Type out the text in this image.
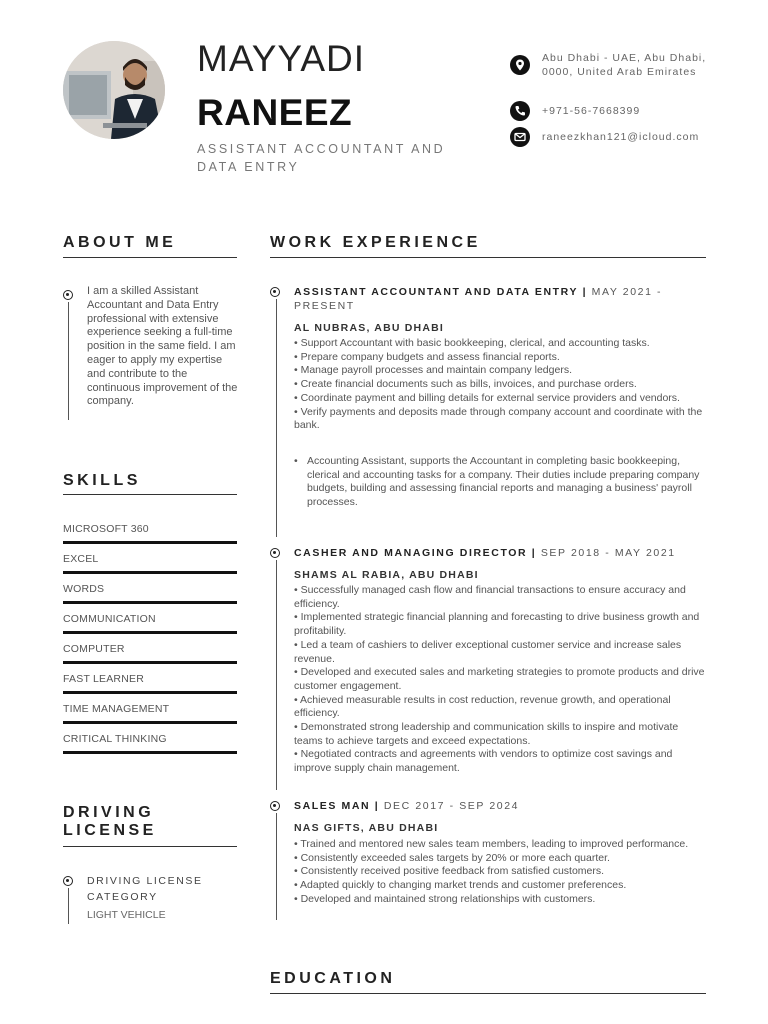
MAYYADI
RANEEZ
ASSISTANT ACCOUNTANT AND DATA ENTRY
Abu Dhabi - UAE, Abu Dhabi, 0000, United Arab Emirates
+971-56-7668399
raneezkhan121@icloud.com
ABOUT ME
I am a skilled Assistant Accountant and Data Entry professional with extensive experience seeking a full-time position in the same field. I am eager to apply my expertise and contribute to the continuous improvement of the company.
SKILLS
MICROSOFT 360
EXCEL
WORDS
COMMUNICATION
COMPUTER
FAST LEARNER
TIME MANAGEMENT
CRITICAL THINKING
DRIVING LICENSE
DRIVING LICENSE CATEGORY
LIGHT VEHICLE
WORK EXPERIENCE
ASSISTANT ACCOUNTANT AND DATA ENTRY | MAY 2021 - PRESENT
AL NUBRAS, ABU DHABI
• Support Accountant with basic bookkeeping, clerical, and accounting tasks.
• Prepare company budgets and assess financial reports.
• Manage payroll processes and maintain company ledgers.
• Create financial documents such as bills, invoices, and purchase orders.
• Coordinate payment and billing details for external service providers and vendors.
• Verify payments and deposits made through company account and coordinate with the bank.
• Accounting Assistant, supports the Accountant in completing basic bookkeeping, clerical and accounting tasks for a company. Their duties include preparing company budgets, building and assessing financial reports and managing a business' payroll processes.
CASHER AND MANAGING DIRECTOR | SEP 2018 - MAY 2021
SHAMS AL RABIA, ABU DHABI
• Successfully managed cash flow and financial transactions to ensure accuracy and efficiency.
• Implemented strategic financial planning and forecasting to drive business growth and profitability.
• Led a team of cashiers to deliver exceptional customer service and increase sales revenue.
• Developed and executed sales and marketing strategies to promote products and drive customer engagement.
• Achieved measurable results in cost reduction, revenue growth, and operational efficiency.
• Demonstrated strong leadership and communication skills to inspire and motivate teams to achieve targets and exceed expectations.
• Negotiated contracts and agreements with vendors to optimize cost savings and improve supply chain management.
SALES MAN | DEC 2017 - SEP 2024
NAS GIFTS, ABU DHABI
• Trained and mentored new sales team members, leading to improved performance.
• Consistently exceeded sales targets by 20% or more each quarter.
• Consistently received positive feedback from satisfied customers.
• Adapted quickly to changing market trends and customer preferences.
• Developed and maintained strong relationships with customers.
EDUCATION
